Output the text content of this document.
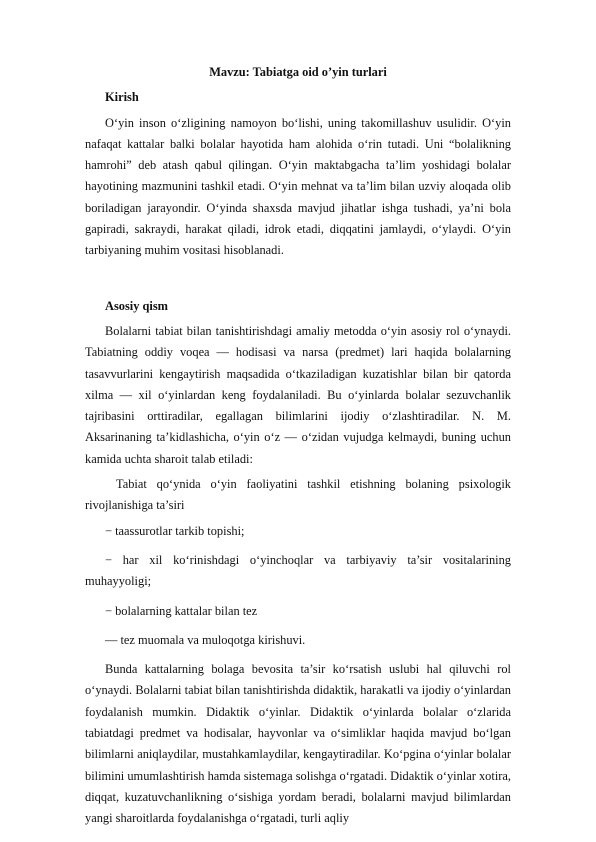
Mavzu: Tabiatga oid o’yin turlari
Kirish

O‘yin inson o‘zligining namoyon bo‘lishi, uning takomillashuv usulidir. O‘yin nafaqat kattalar balki bolalar hayotida ham alohida o‘rin tutadi. Uni “bolalikning hamrohi” deb atash qabul qilingan. O‘yin maktabgacha ta’lim yoshidagi bolalar hayotining mazmunini tashkil etadi. O‘yin mehnat va ta’lim bilan uzviy aloqada olib boriladigan jarayondir. O‘yinda shaxsda mavjud jihatlar ishga tushadi, ya’ni bola gapiradi, sakraydi, harakat qiladi, idrok etadi, diqqatini jamlaydi, o‘ylaydi. O‘yin tarbiyaning muhim vositasi hisoblanadi.

Asosiy qism

Bolalarni tabiat bilan tanishtirishdagi amaliy metodda o‘yin asosiy rol o‘ynaydi. Tabiatning oddiy voqea — hodisasi va narsa (predmet) lari haqida bolalarning tasavvurlarini kengaytirish maqsadida o‘tkaziladigan kuzatishlar bilan bir qatorda xilma — xil o‘yinlardan keng foydalaniladi. Bu o‘yinlarda bolalar sezuvchanlik tajribasini orttiradilar, egallagan bilimlarini ijodiy o‘zlashtiradilar. N. M. Aksarinaning ta’kidlashicha, o‘yin o‘z — o‘zidan vujudga kelmaydi, buning uchun kamida uchta sharoit talab etiladi:

Tabiat qo‘ynida o‘yin faoliyatini tashkil etishning bolaning psixologik rivojlanishiga ta’siri

− taassurotlar tarkib topishi;

− har xil ko‘rinishdagi o‘yinchoqlar va tarbiyaviy ta’sir vositalarining muhayyoligi;

− bolalarning kattalar bilan tez

— tez muomala va muloqotga kirishuvi.

Bunda kattalarning bolaga bevosita ta’sir ko‘rsatish uslubi hal qiluvchi rol o‘ynaydi. Bolalarni tabiat bilan tanishtirishda didaktik, harakatli va ijodiy o‘yinlardan foydalanish mumkin. Didaktik o‘yinlar. Didaktik o‘yinlarda bolalar o‘zlarida tabiatdagi predmet va hodisalar, hayvonlar va o‘simliklar haqida mavjud bo‘lgan bilimlarni aniqlaydilar, mustahkamlaydilar, kengaytiradilar. Ko‘pgina o‘yinlar bolalar bilimini umumlashtirish hamda sistemaga solishga o‘rgatadi. Didaktik o‘yinlar xotira, diqqat, kuzatuvchanlikning o‘sishiga yordam beradi, bolalarni mavjud bilimlardan yangi sharoitlarda foydalanishga o‘rgatadi, turli aqliy
